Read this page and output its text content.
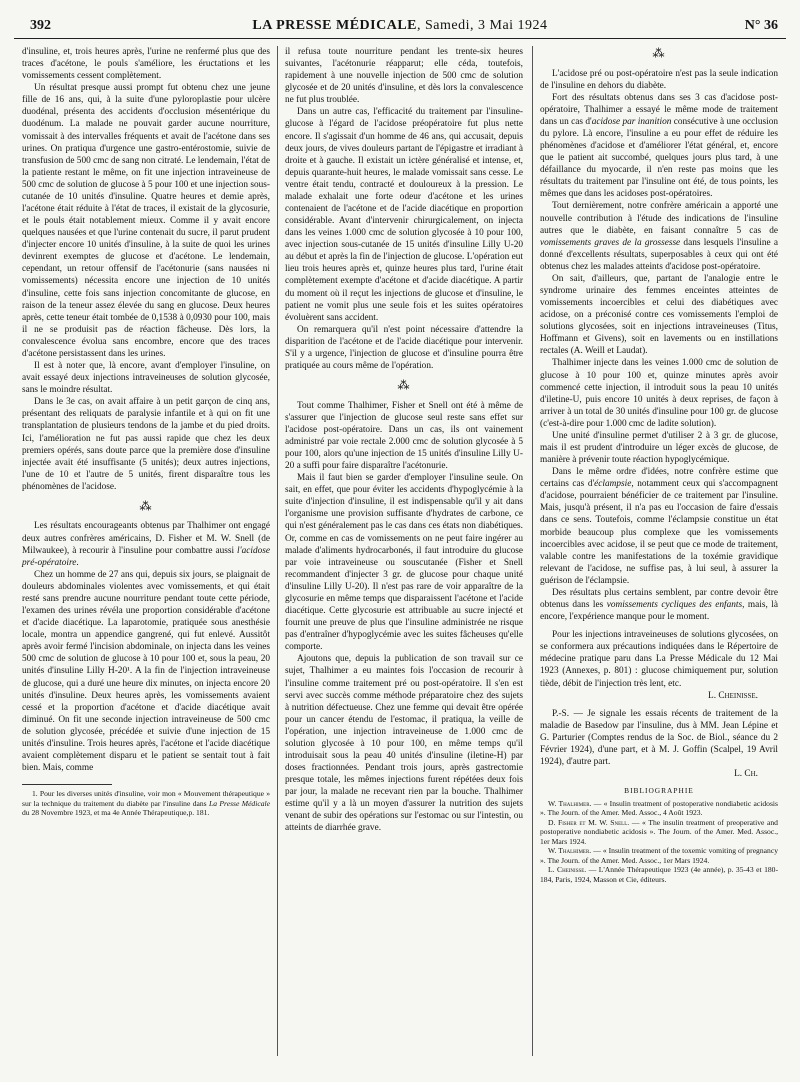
392	LA PRESSE MÉDICALE, Samedi, 3 Mai 1924	N° 36

d'insuline, et, trois heures après, l'urine ne renfermé plus que des traces d'acétone, le pouls s'améliore, les éructations et les vomissements cessent complètement.

Un résultat presque aussi prompt fut obtenu chez une jeune fille de 16 ans, qui, à la suite d'une pyloroplastie pour ulcère duodénal, présenta des accidents d'occlusion mésentérique du duodénum. La malade ne pouvait garder aucune nourriture, vomissait à des intervalles fréquents et avait de l'acétone dans ses urines. On pratiqua d'urgence une gastro-entérostomie, suivie de transfusion de 500 cmc de sang non citraté. Le lendemain, l'état de la patiente restant le même, on fit une injection intraveineuse de 500 cmc de solution de glucose à 5 pour 100 et une injection sous-cutanée de 10 unités d'insuline. Quatre heures et demie après, l'acétone était réduite à l'état de traces, il existait de la glycosurie, et le pouls était notablement mieux. Comme il y avait encore quelques nausées et que l'urine contenait du sucre, il parut prudent d'injecter encore 10 unités d'insuline, à la suite de quoi les urines devinrent exemptes de glucose et d'acétone. Le lendemain, cependant, un retour offensif de l'acétonurie (sans nausées ni vomissements) nécessita encore une injection de 10 unités d'insuline, cette fois sans injection concomitante de glucose, en raison de la teneur assez élevée du sang en glucose. Deux heures après, cette teneur était tombée de 0,1538 à 0,0930 pour 100, mais il ne se produisit pas de réaction fâcheuse. Dès lors, la convalescence évolua sans encombre, encore que des traces d'acétone persistassent dans les urines.

Il est à noter que, là encore, avant d'employer l'insuline, on avait essayé deux injections intraveineuses de solution glycosée, sans le moindre résultat.

Dans le 3e cas, on avait affaire à un petit garçon de cinq ans, présentant des reliquats de paralysie infantile et à qui on fit une transplantation de plusieurs tendons de la jambe et du pied droits. Ici, l'amélioration ne fut pas aussi rapide que chez les deux premiers opérés, sans doute parce que la première dose d'insuline injectée avait été insuffisante (5 unités); deux autres injections, l'une de 10 et l'autre de 5 unités, firent disparaître tous les phénomènes de l'acidose.

⁂

Les résultats encourageants obtenus par Thalhimer ont engagé deux autres confrères américains, D. Fisher et M. W. Snell (de Milwaukee), à recourir à l'insuline pour combattre aussi l'acidose pré-opératoire.

Chez un homme de 27 ans qui, depuis six jours, se plaignait de douleurs abdominales violentes avec vomissements, et qui était resté sans prendre aucune nourriture pendant toute cette période, l'examen des urines révéla une proportion considérable d'acétone et d'acide diacétique. La laparotomie, pratiquée sous anesthésie locale, montra un appendice gangrené, qui fut enlevé. Aussitôt après avoir fermé l'incision abdominale, on injecta dans les veines 500 cmc de solution de glucose à 10 pour 100 et, sous la peau, 20 unités d'insuline Lilly H-20¹. A la fin de l'injection intraveineuse de glucose, qui a duré une heure dix minutes, on injecta encore 20 unités d'insuline. Deux heures après, les vomissements avaient cessé et la proportion d'acétone et d'acide diacétique avait diminué. On fit une seconde injection intraveineuse de 500 cmc de solution glycosée, précédée et suivie d'une injection de 15 unités d'insuline. Trois heures après, l'acétone et l'acide diacétique avaient complètement disparu et le patient se sentait tout à fait bien. Mais, comme

1. Pour les diverses unités d'insuline, voir mon « Mouvement thérapeutique » sur la technique du traitement du diabète par l'insuline dans La Presse Médicale du 28 Novembre 1923, et ma 4e Année Thérapeutique,p. 181.

il refusa toute nourriture pendant les trente-six heures suivantes, l'acétonurie réapparut; elle céda, toutefois, rapidement à une nouvelle injection de 500 cmc de solution glycosée et de 20 unités d'insuline, et dès lors la convalescence ne fut plus troublée.

Dans un autre cas, l'efficacité du traitement par l'insuline-glucose à l'égard de l'acidose préopératoire fut plus nette encore. Il s'agissait d'un homme de 46 ans, qui accusait, depuis deux jours, de vives douleurs partant de l'épigastre et irradiant à droite et à gauche. Il existait un ictère généralisé et intense, et, depuis quarante-huit heures, le malade vomissait sans cesse. Le ventre était tendu, contracté et douloureux à la pression. Le malade exhalait une forte odeur d'acétone et les urines contenaient de l'acétone et de l'acide diacétique en proportion considérable. Avant d'intervenir chirurgicalement, on injecta dans les veines 1.000 cmc de solution glycosée à 10 pour 100, avec injection sous-cutanée de 15 unités d'insuline Lilly U-20 au début et après la fin de l'injection de glucose. L'opération eut lieu trois heures après et, quinze heures plus tard, l'urine était complètement exempte d'acétone et d'acide diacétique. A partir du moment où il reçut les injections de glucose et d'insuline, le patient ne vomit plus une seule fois et les suites opératoires évoluèrent sans accident.

On remarquera qu'il n'est point nécessaire d'attendre la disparition de l'acétone et de l'acide diacétique pour intervenir. S'il y a urgence, l'injection de glucose et d'insuline pourra être pratiquée au cours même de l'opération.

⁂

Tout comme Thalhimer, Fisher et Snell ont été à même de s'assurer que l'injection de glucose seul reste sans effet sur l'acidose post-opératoire. Dans un cas, ils ont vainement administré par voie rectale 2.000 cmc de solution glycosée à 5 pour 100, alors qu'une injection de 15 unités d'insuline Lilly U-20 a suffi pour faire disparaître l'acétonurie.

Mais il faut bien se garder d'employer l'insuline seule. On sait, en effet, que pour éviter les accidents d'hypoglycémie à la suite d'injection d'insuline, il est indispensable qu'il y ait dans l'organisme une provision suffisante d'hydrates de carbone, ce qui n'est généralement pas le cas dans ces états non diabétiques. Or, comme en cas de vomissements on ne peut faire ingérer au malade d'aliments hydrocarbonés, il faut introduire du glucose par voie intraveineuse ou souscutanée (Fisher et Snell recommandent d'injecter 3 gr. de glucose pour chaque unité d'insuline Lilly U-20). Il n'est pas rare de voir apparaître de la glycosurie en même temps que disparaissent l'acétone et l'acide diacétique. Cette glycosurie est attribuable au sucre injecté et fournit une preuve de plus que l'insuline administrée ne risque pas d'entraîner d'hypoglycémie avec les suites fâcheuses qu'elle comporte.

Ajoutons que, depuis la publication de son travail sur ce sujet, Thalhimer a eu maintes fois l'occasion de recourir à l'insuline comme traitement pré ou post-opératoire. Il s'en est servi avec succès comme méthode préparatoire chez des sujets à nutrition défectueuse. Chez une femme qui devait être opérée pour un cancer étendu de l'estomac, il pratiqua, la veille de l'opération, une injection intraveineuse de 1.000 cmc de solution glycosée à 10 pour 100, en même temps qu'il introduisait sous la peau 40 unités d'insuline (iletine-H) par doses fractionnées. Pendant trois jours, après gastrectomie presque totale, les mêmes injections furent répétées deux fois par jour, la malade ne recevant rien par la bouche. Thalhimer estime qu'il y a là un moyen d'assurer la nutrition des sujets venant de subir des opérations sur l'estomac ou sur l'intestin, ou atteints de diarrhée grave.

⁂

L'acidose pré ou post-opératoire n'est pas la seule indication de l'insuline en dehors du diabète.

Fort des résultats obtenus dans ses 3 cas d'acidose post-opératoire, Thalhimer a essayé le même mode de traitement dans un cas d'acidose par inanition consécutive à une occlusion du pylore. Là encore, l'insuline a eu pour effet de réduire les phénomènes d'acidose et d'améliorer l'état général, et, encore que le patient ait succombé, quelques jours plus tard, à une défaillance du myocarde, il n'en reste pas moins que les résultats du traitement par l'insuline ont été, de tous points, les mêmes que dans les acidoses post-opératoires.

Tout dernièrement, notre confrère américain a apporté une nouvelle contribution à l'étude des indications de l'insuline autres que le diabète, en faisant connaître 5 cas de vomissements graves de la grossesse dans lesquels l'insuline a donné d'excellents résultats, superposables à ceux qui ont été obtenus chez les malades atteints d'acidose post-opératoire.

On sait, d'ailleurs, que, partant de l'analogie entre le syndrome urinaire des femmes enceintes atteintes de vomissements incoercibles et celui des diabétiques avec acidose, on a préconisé contre ces vomissements l'emploi de solutions glycosées, soit en injections intraveineuses (Titus, Hoffmann et Givens), soit en lavements ou en instillations rectales (A. Weill et Laudat).

Thalhimer injecte dans les veines 1.000 cmc de solution de glucose à 10 pour 100 et, quinze minutes après avoir commencé cette injection, il introduit sous la peau 10 unités d'iletine-U, puis encore 10 unités à deux reprises, de façon à arriver à un total de 30 unités d'insuline pour 100 gr. de glucose (c'est-à-dire pour 1.000 cmc de ladite solution).

Une unité d'insuline permet d'utiliser 2 à 3 gr. de glucose, mais il est prudent d'introduire un léger excès de glucose, de manière à prévenir toute réaction hypoglycémique.

Dans le même ordre d'idées, notre confrère estime que certains cas d'éclampsie, notamment ceux qui s'accompagnent d'acidose, pourraient bénéficier de ce traitement par l'insuline. Mais, jusqu'à présent, il n'a pas eu l'occasion de faire d'essais dans ce sens. Toutefois, comme l'éclampsie constitue un état morbide beaucoup plus complexe que les vomissements incoercibles avec acidose, il se peut que ce mode de traitement, valable contre les manifestations de la toxémie gravidique relevant de l'acidose, ne suffise pas, à lui seul, à assurer la guérison de l'éclampsie.

Des résultats plus certains semblent, par contre devoir être obtenus dans les vomissements cycliques des enfants, mais, là encore, l'expérience manque pour le moment.

Pour les injections intraveineuses de solutions glycosées, on se conformera aux précautions indiquées dans le Répertoire de médecine pratique paru dans La Presse Médicale du 12 Mai 1923 (Annexes, p. 801) : glucose chimiquement pur, solution tiède, débit de l'injection très lent, etc.

L. Cheinisse.

P.-S. — Je signale les essais récents de traitement de la maladie de Basedow par l'insuline, dus à MM. Jean Lépine et G. Parturier (Comptes rendus de la Soc. de Biol., séance du 2 Février 1924), d'une part, et à M. J. Goffin (Scalpel, 19 Avril 1924), d'autre part.

L. Ch.
BIBLIOGRAPHIE

W. Thalhimer. — « Insulin treatment of postoperative nondiabetic acidosis ». The Journ. of the Amer. Med. Assoc., 4 Août 1923.

D. Fisher et M. W. Snell. — « The insulin treatment of preoperative and postoperative nondiabetic acidosis ». The Journ. of the Amer. Med. Assoc., 1er Mars 1924.

W. Thalhimer. — « Insulin treatment of the toxemic vomiting of pregnancy ». The Journ. of the Amer. Med. Assoc., 1er Mars 1924.

L. Cheinisse. — L'Année Thérapeutique 1923 (4e année), p. 35-43 et 180-184, Paris, 1924, Masson et Cie, éditeurs.
